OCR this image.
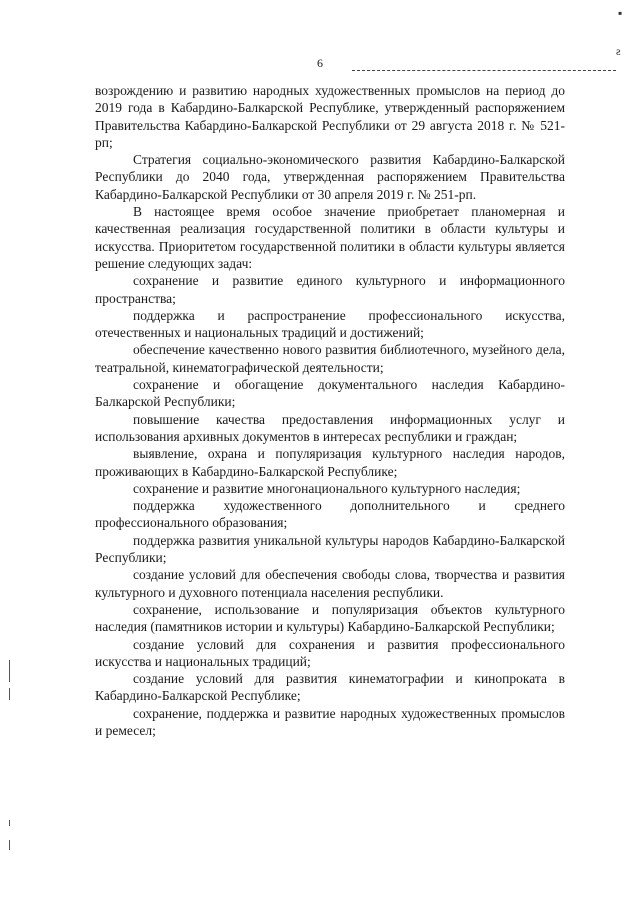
▪
ƨ
6

возрождению и развитию народных художественных промыслов на период до 2019 года в Кабардино-Балкарской Республике, утвержденный распоряжением Правительства Кабардино-Балкарской Республики от 29 августа 2018 г. № 521-рп;

Стратегия социально-экономического развития Кабардино-Балкарской Республики до 2040 года, утвержденная распоряжением Правительства Кабардино-Балкарской Республики от 30 апреля 2019 г. № 251-рп.

В настоящее время особое значение приобретает планомерная и качественная реализация государственной политики в области культуры и искусства. Приоритетом государственной политики в области культуры является решение следующих задач:

сохранение и развитие единого культурного и информационного пространства;

поддержка и распространение профессионального искусства, отечественных и национальных традиций и достижений;

обеспечение качественно нового развития библиотечного, музейного дела, театральной, кинематографической деятельности;

сохранение и обогащение документального наследия Кабардино-Балкарской Республики;

повышение качества предоставления информационных услуг и использования архивных документов в интересах республики и граждан;

выявление, охрана и популяризация культурного наследия народов, проживающих в Кабардино-Балкарской Республике;

сохранение и развитие многонационального культурного наследия;

поддержка художественного дополнительного и среднего профессионального образования;

поддержка развития уникальной культуры народов Кабардино-Балкарской Республики;

создание условий для обеспечения свободы слова, творчества и развития культурного и духовного потенциала населения республики.

сохранение, использование и популяризация объектов культурного наследия (памятников истории и культуры) Кабардино-Балкарской Республики;

создание условий для сохранения и развития профессионального искусства и национальных традиций;

создание условий для развития кинематографии и кинопроката в Кабардино-Балкарской Республике;

сохранение, поддержка и развитие народных художественных промыслов и ремесел;
